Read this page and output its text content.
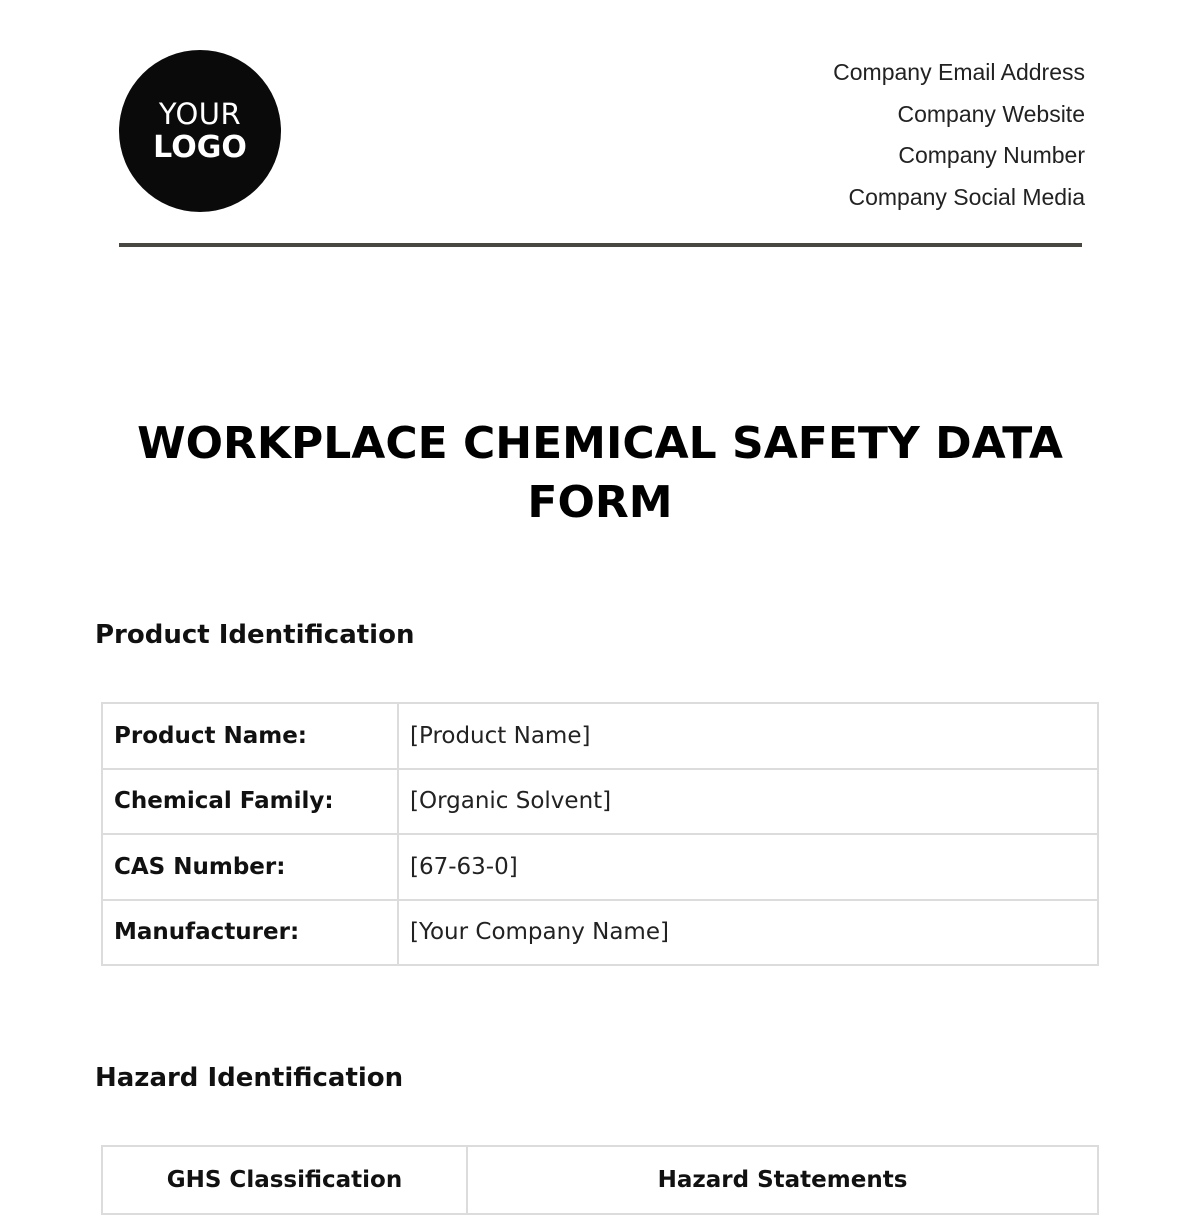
YOUR
LOGO
Company Email Address
Company Website
Company Number
Company Social Media
WORKPLACE CHEMICAL SAFETY DATA
FORM
Product Identification
Product Name:	[Product Name]
Chemical Family:	[Organic Solvent]
CAS Number:	[67-63-0]
Manufacturer:	[Your Company Name]
Hazard Identification
GHS Classification	Hazard Statements
